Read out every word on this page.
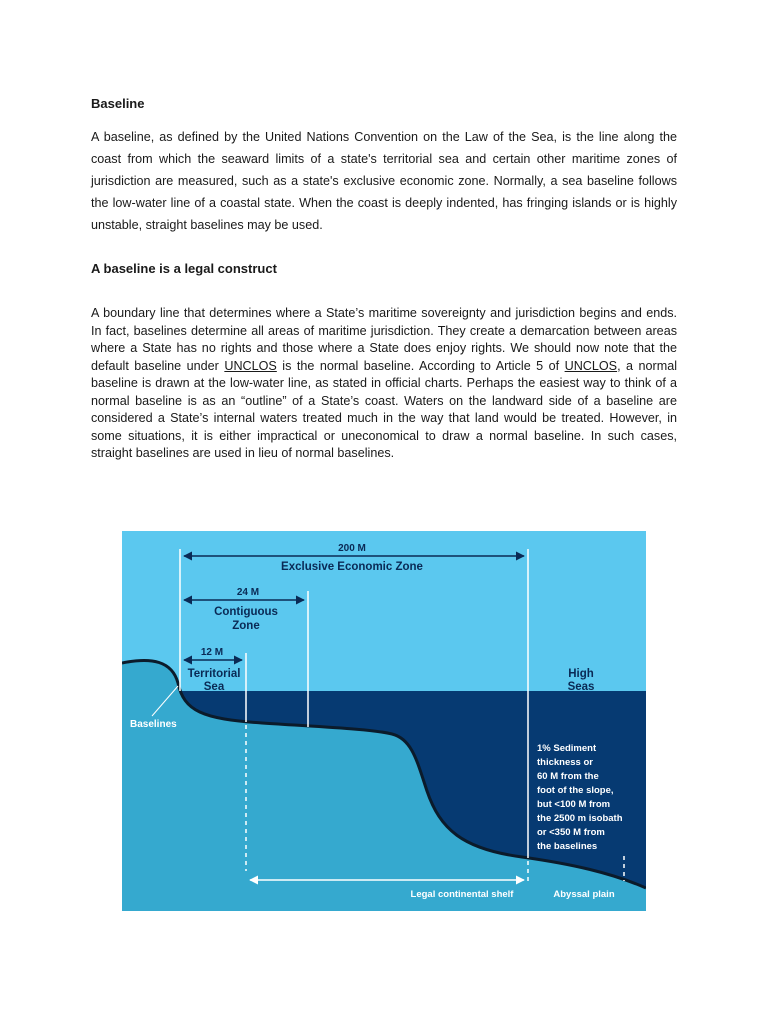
Baseline

A baseline, as defined by the United Nations Convention on the Law of the Sea, is the line along the coast from which the seaward limits of a state's territorial sea and certain other maritime zones of jurisdiction are measured, such as a state's exclusive economic zone. Normally, a sea baseline follows the low-water line of a coastal state. When the coast is deeply indented, has fringing islands or is highly unstable, straight baselines may be used.

A baseline is a legal construct

A boundary line that determines where a State’s maritime sovereignty and jurisdiction begins and ends. In fact, baselines determine all areas of maritime jurisdiction. They create a demarcation between areas where a State has no rights and those where a State does enjoy rights. We should now note that the default baseline under UNCLOS is the normal baseline. According to Article 5 of UNCLOS, a normal baseline is drawn at the low-water line, as stated in official charts. Perhaps the easiest way to think of a normal baseline is as an “outline” of a State’s coast. Waters on the landward side of a baseline are considered a State’s internal waters treated much in the way that land would be treated. However, in some situations, it is either impractical or uneconomical to draw a normal baseline. In such cases, straight baselines are used in lieu of normal baselines.

200 M
Exclusive Economic Zone
24 M
Contiguous
Zone
12 M
Territorial
Sea
High
Seas
Baselines
1% Sediment
thickness or
60 M from the
foot of the slope,
but <100 M from
the 2500 m isobath
or <350 M from
the baselines
Legal continental shelf	Abyssal plain
